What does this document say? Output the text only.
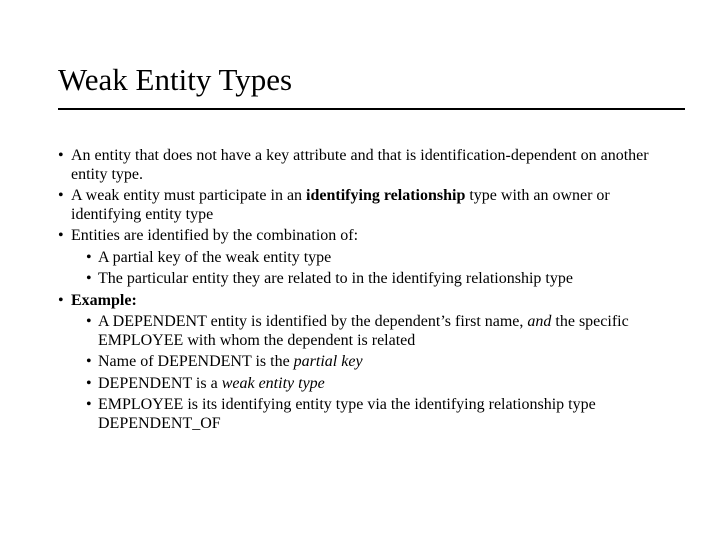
Weak Entity Types
• An entity that does not have a key attribute and that is identification-dependent on another entity type.
• A weak entity must participate in an identifying relationship type with an owner or identifying entity type
• Entities are identified by the combination of:
• A partial key of the weak entity type
• The particular entity they are related to in the identifying relationship type
• Example:
• A DEPENDENT entity is identified by the dependent’s first name, and the specific EMPLOYEE with whom the dependent is related
• Name of DEPENDENT is the partial key
• DEPENDENT is a weak entity type
• EMPLOYEE is its identifying entity type via the identifying relationship type DEPENDENT_OF
